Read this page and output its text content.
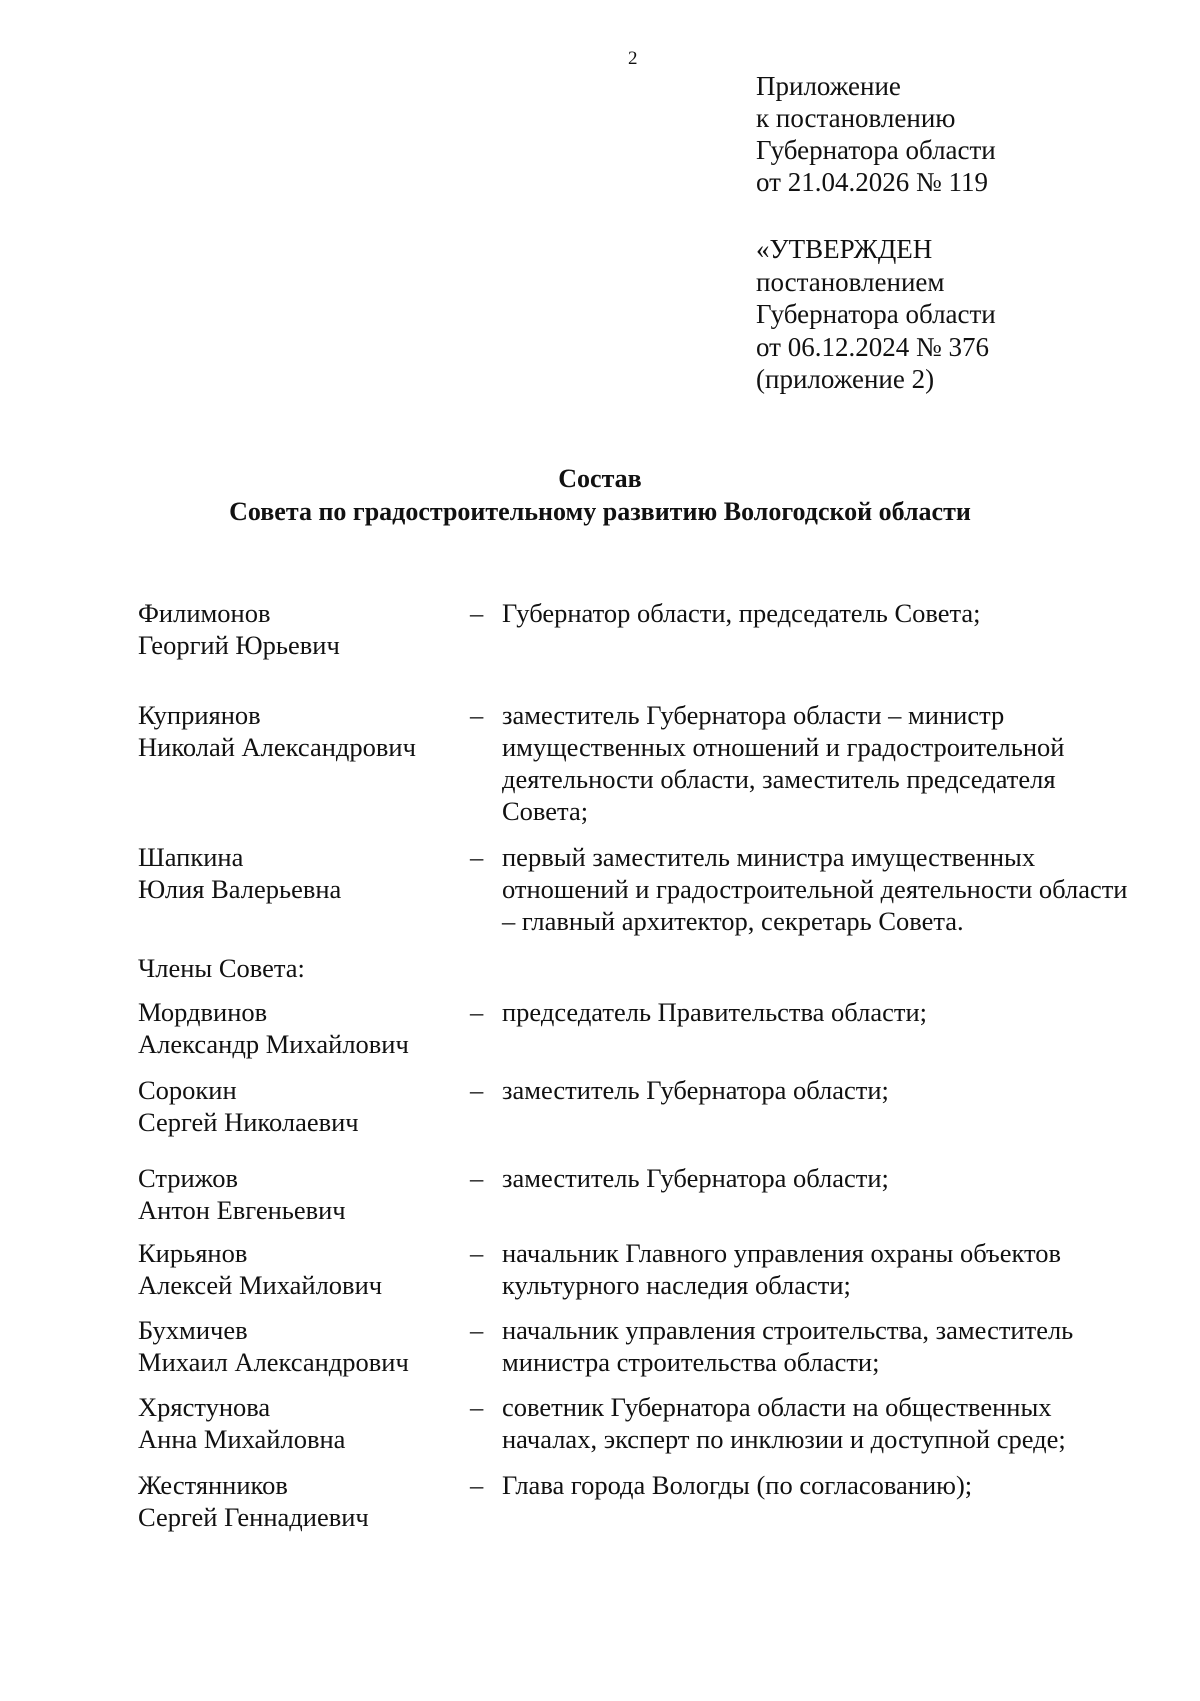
2
Приложение
к постановлению
Губернатора области
от 21.04.2026 № 119
«УТВЕРЖДЕН
постановлением
Губернатора области
от 06.12.2024 № 376
(приложение 2)
Состав
Совета по градостроительному развитию Вологодской области
Филимонов
Георгий Юрьевич
– Губернатор области, председатель Совета;
Куприянов
Николай Александрович
– заместитель Губернатора области – министр имущественных отношений и градостроительной деятельности области, заместитель председателя Совета;
Шапкина
Юлия Валерьевна
– первый заместитель министра имущественных отношений и градостроительной деятельности области – главный архитектор, секретарь Совета.
Члены Совета:
Мордвинов
Александр Михайлович
– председатель Правительства области;
Сорокин
Сергей Николаевич
– заместитель Губернатора области;
Стрижов
Антон Евгеньевич
– заместитель Губернатора области;
Кирьянов
Алексей Михайлович
– начальник Главного управления охраны объектов культурного наследия области;
Бухмичев
Михаил Александрович
– начальник управления строительства, заместитель министра строительства области;
Хрястунова
Анна Михайловна
– советник Губернатора области на общественных началах, эксперт по инклюзии и доступной среде;
Жестянников
Сергей Геннадиевич
– Глава города Вологды (по согласованию);
